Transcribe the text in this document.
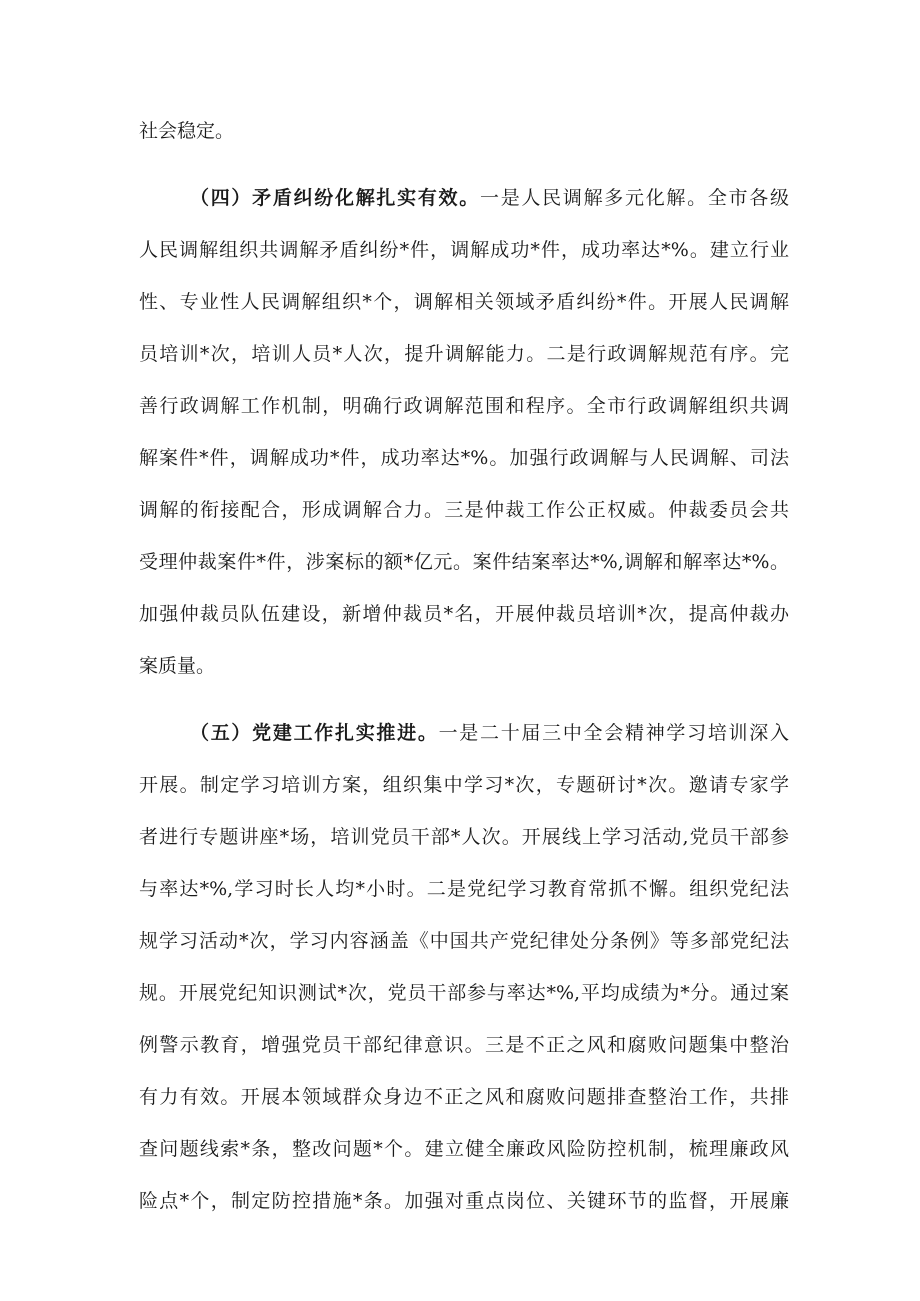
社会稳定。
（四）矛盾纠纷化解扎实有效。一是人民调解多元化解。全市各级
人民调解组织共调解矛盾纠纷*件，调解成功*件，成功率达*%。建立行业
性、专业性人民调解组织*个，调解相关领域矛盾纠纷*件。开展人民调解
员培训*次，培训人员*人次，提升调解能力。二是行政调解规范有序。完
善行政调解工作机制，明确行政调解范围和程序。全市行政调解组织共调
解案件*件，调解成功*件，成功率达*%。加强行政调解与人民调解、司法
调解的衔接配合，形成调解合力。三是仲裁工作公正权威。仲裁委员会共
受理仲裁案件*件，涉案标的额*亿元。案件结案率达*%,调解和解率达*%。
加强仲裁员队伍建设，新增仲裁员*名，开展仲裁员培训*次，提高仲裁办
案质量。
（五）党建工作扎实推进。一是二十届三中全会精神学习培训深入
开展。制定学习培训方案，组织集中学习*次，专题研讨*次。邀请专家学
者进行专题讲座*场，培训党员干部*人次。开展线上学习活动,党员干部参
与率达*%,学习时长人均*小时。二是党纪学习教育常抓不懈。组织党纪法
规学习活动*次，学习内容涵盖《中国共产党纪律处分条例》等多部党纪法
规。开展党纪知识测试*次，党员干部参与率达*%,平均成绩为*分。通过案
例警示教育，增强党员干部纪律意识。三是不正之风和腐败问题集中整治
有力有效。开展本领域群众身边不正之风和腐败问题排查整治工作，共排
查问题线索*条，整改问题*个。建立健全廉政风险防控机制，梳理廉政风
险点*个，制定防控措施*条。加强对重点岗位、关键环节的监督，开展廉
